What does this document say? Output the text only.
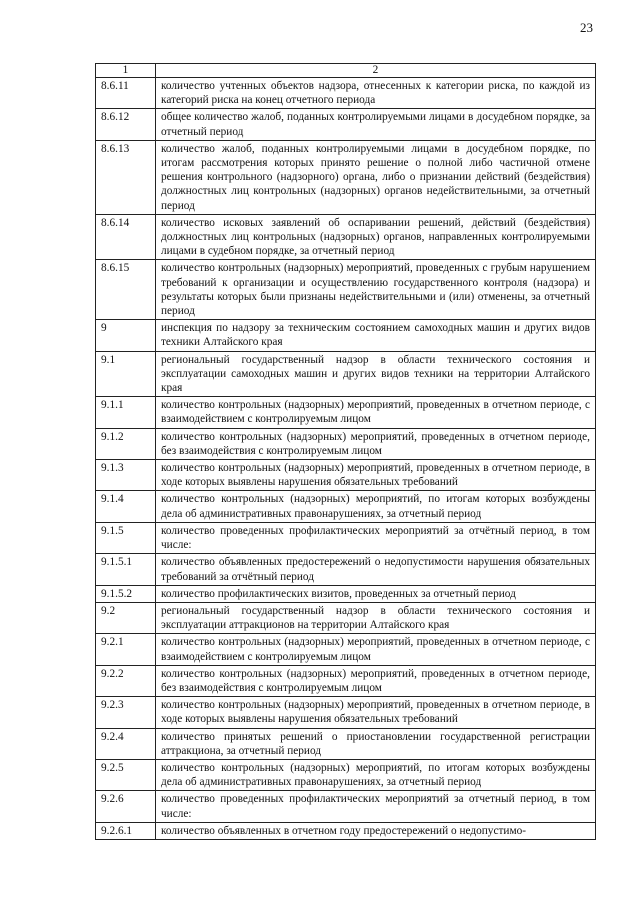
23
1	2
8.6.11	количество учтенных объектов надзора, отнесенных к категории риска, по каждой из категорий риска на конец отчетного периода
8.6.12	общее количество жалоб, поданных контролируемыми лицами в досудебном порядке, за отчетный период
8.6.13	количество жалоб, поданных контролируемыми лицами в досудебном порядке, по итогам рассмотрения которых принято решение о полной либо частичной отмене решения контрольного (надзорного) органа, либо о признании действий (бездействия) должностных лиц контрольных (надзорных) органов недействительными, за отчетный период
8.6.14	количество исковых заявлений об оспаривании решений, действий (бездействия) должностных лиц контрольных (надзорных) органов, направленных контролируемыми лицами в судебном порядке, за отчетный период
8.6.15	количество контрольных (надзорных) мероприятий, проведенных с грубым нарушением требований к организации и осуществлению государственного контроля (надзора) и результаты которых были признаны недействительными и (или) отменены, за отчетный период
9	инспекция по надзору за техническим состоянием самоходных машин и других видов техники Алтайского края
9.1	региональный государственный надзор в области технического состояния и эксплуатации самоходных машин и других видов техники на территории Алтайского края
9.1.1	количество контрольных (надзорных) мероприятий, проведенных в отчетном периоде, с взаимодействием с контролируемым лицом
9.1.2	количество контрольных (надзорных) мероприятий, проведенных в отчетном периоде, без взаимодействия с контролируемым лицом
9.1.3	количество контрольных (надзорных) мероприятий, проведенных в отчетном периоде, в ходе которых выявлены нарушения обязательных требований
9.1.4	количество контрольных (надзорных) мероприятий, по итогам которых возбуждены дела об административных правонарушениях, за отчетный период
9.1.5	количество проведенных профилактических мероприятий за отчётный период, в том числе:
9.1.5.1	количество объявленных предостережений о недопустимости нарушения обязательных требований за отчётный период
9.1.5.2	количество профилактических визитов, проведенных за отчетный период
9.2	региональный государственный надзор в области технического состояния и эксплуатации аттракционов на территории Алтайского края
9.2.1	количество контрольных (надзорных) мероприятий, проведенных в отчетном периоде, с взаимодействием с контролируемым лицом
9.2.2	количество контрольных (надзорных) мероприятий, проведенных в отчетном периоде, без взаимодействия с контролируемым лицом
9.2.3	количество контрольных (надзорных) мероприятий, проведенных в отчетном периоде, в ходе которых выявлены нарушения обязательных требований
9.2.4	количество принятых решений о приостановлении государственной регистрации аттракциона, за отчетный период
9.2.5	количество контрольных (надзорных) мероприятий, по итогам которых возбуждены дела об административных правонарушениях, за отчетный период
9.2.6	количество проведенных профилактических мероприятий за отчетный период, в том числе:
9.2.6.1	количество объявленных в отчетном году предостережений о недопустимо-
